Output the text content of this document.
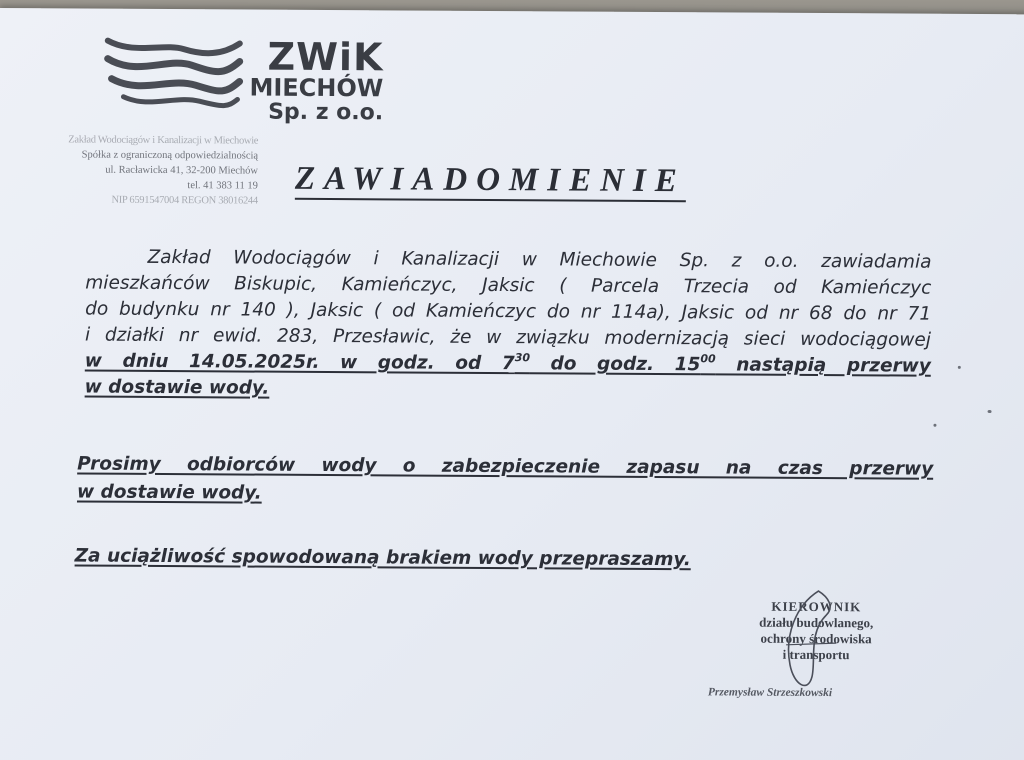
ZWiK
MIECHÓW
Sp. z o.o.
Zakład Wodociągów i Kanalizacji w Miechowie
Spółka z ograniczoną odpowiedzialnością
ul. Racławicka 41, 32-200 Miechów
tel. 41 383 11 19
NIP 6591547004 REGON 38016244
ZAWIADOMIENIE
Zakład Wodociągów i Kanalizacji w Miechowie Sp. z o.o. zawiadamia
mieszkańców Biskupic, Kamieńczyc, Jaksic ( Parcela Trzecia od Kamieńczyc
do budynku nr 140 ), Jaksic ( od Kamieńczyc do nr 114a), Jaksic od nr 68 do nr 71
i działki nr ewid. 283, Przesławic, że w związku modernizacją sieci wodociągowej
w dniu 14.05.2025r. w godz. od $7^{30}$ do godz. $15^{00}$ nastąpią przerwy
w dostawie wody.
Prosimy odbiorców wody o zabezpieczenie zapasu na czas przerwy
w dostawie wody.
Za uciążliwość spowodowaną brakiem wody przepraszamy.
KIEROWNIK
działu budowlanego,
ochrony środowiska
i transportu
Przemysław Strzeszkowski
